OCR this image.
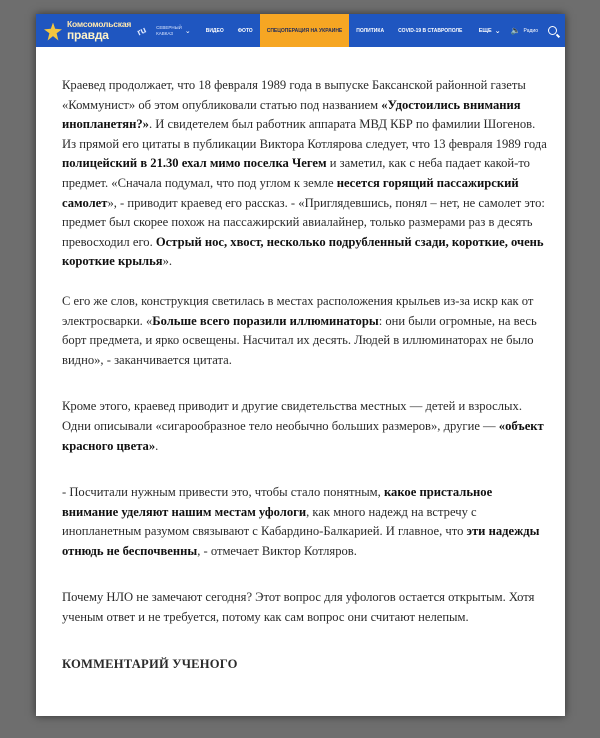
Комсомольская
правда	ru СЕВЕРНЫЙ
КАВКАЗ	⌄	ВИДЕО	ФОТО	СПЕЦОПЕРАЦИЯ НА УКРАИНЕ	ПОЛИТИКА	COVID-19 В СТАВРОПОЛЕ	ЕЩЕ ⌄ 🔈 Радио

Краевед продолжает, что 18 февраля 1989 года в выпуске Баксанской районной газеты «Коммунист» об этом опубликовали статью под названием «Удостоились внимания инопланетян?». И свидетелем был работник аппарата МВД КБР по фамилии Шогенов. Из прямой его цитаты в публикации Виктора Котлярова следует, что 13 февраля 1989 года полицейский в 21.30 ехал мимо поселка Чегем и заметил, как с неба падает какой-то предмет. «Сначала подумал, что под углом к земле несется горящий пассажирский самолет», - приводит краевед его рассказ. - «Приглядевшись, понял – нет, не самолет это: предмет был скорее похож на пассажирский авиалайнер, только размерами раз в десять превосходил его. Острый нос, хвост, несколько подрубленный сзади, короткие, очень короткие крылья».

С его же слов, конструкция светилась в местах расположения крыльев из-за искр как от электросварки. «Больше всего поразили иллюминаторы: они были огромные, на весь борт предмета, и ярко освещены. Насчитал их десять. Людей в иллюминаторах не было видно», - заканчивается цитата.

Кроме этого, краевед приводит и другие свидетельства местных — детей и взрослых. Одни описывали «сигарообразное тело необычно больших размеров», другие — «объект красного цвета».

- Посчитали нужным привести это, чтобы стало понятным, какое пристальное внимание уделяют нашим местам уфологи, как много надежд на встречу с инопланетным разумом связывают с Кабардино-Балкарией. И главное, что эти надежды отнюдь не беспочвенны, - отмечает Виктор Котляров.

Почему НЛО не замечают сегодня? Этот вопрос для уфологов остается открытым. Хотя ученым ответ и не требуется, потому как сам вопрос они считают нелепым.

КОММЕНТАРИЙ УЧЕНОГО
